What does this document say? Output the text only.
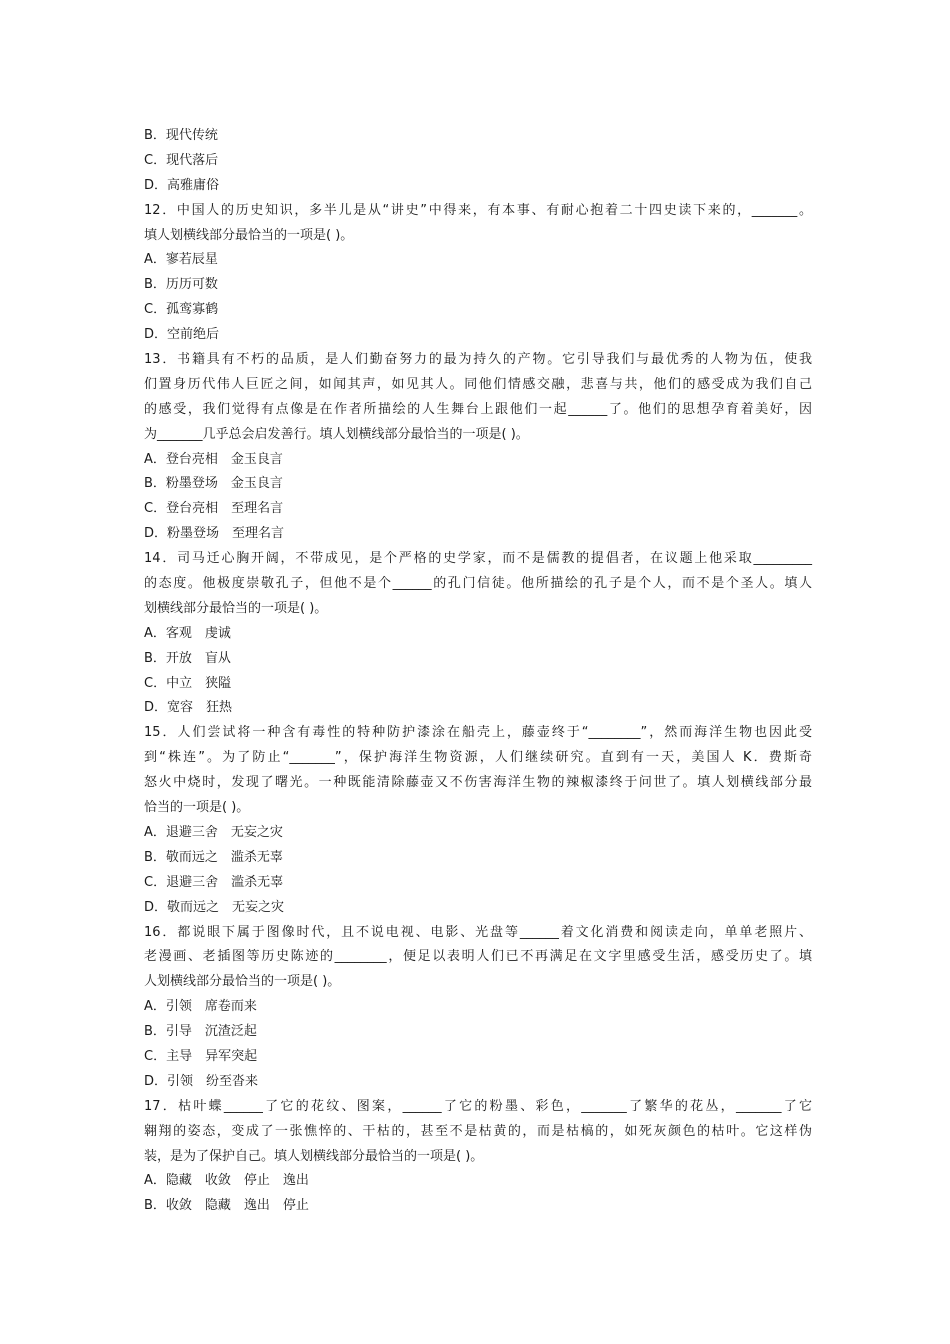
B．现代传统
C．现代落后
D．高雅庸俗
12．中国人的历史知识，多半儿是从“讲史”中得来，有本事、有耐心抱着二十四史读下来的，_______。
填人划横线部分最恰当的一项是( )。
A．寥若辰星
B．历历可数
C．孤鸾寡鹤
D．空前绝后
13．书籍具有不朽的品质，是人们勤奋努力的最为持久的产物。它引导我们与最优秀的人物为伍，使我
们置身历代伟人巨匠之间，如闻其声，如见其人。同他们情感交融，悲喜与共，他们的感受成为我们自己
的感受，我们觉得有点像是在作者所描绘的人生舞台上跟他们一起______了。他们的思想孕育着美好，因
为_______几乎总会启发善行。填人划横线部分最恰当的一项是( )。
A．登台亮相　金玉良言
B．粉墨登场　金玉良言
C．登台亮相　至理名言
D．粉墨登场　至理名言
14．司马迁心胸开阔，不带成见，是个严格的史学家，而不是儒教的提倡者，在议题上他采取_________
的态度。他极度崇敬孔子，但他不是个______的孔门信徒。他所描绘的孔子是个人，而不是个圣人。填人
划横线部分最恰当的一项是( )。
A．客观　虔诚
B．开放　盲从
C．中立　狭隘
D．宽容　狂热
15．人们尝试将一种含有毒性的特种防护漆涂在船壳上，藤壶终于“________”，然而海洋生物也因此受
到“株连”。为了防止“_______”，保护海洋生物资源，人们继续研究。直到有一天，美国人 K．费斯奇
怒火中烧时，发现了曙光。一种既能清除藤壶又不伤害海洋生物的辣椒漆终于问世了。填人划横线部分最
恰当的一项是( )。
A．退避三舍　无妄之灾
B．敬而远之　滥杀无辜
C．退避三舍　滥杀无辜
D．敬而远之　无妄之灾
16．都说眼下属于图像时代，且不说电视、电影、光盘等______着文化消费和阅读走向，单单老照片、
老漫画、老插图等历史陈迹的________，便足以表明人们已不再满足在文字里感受生活，感受历史了。填
人划横线部分最恰当的一项是( )。
A．引领　席卷而来
B．引导　沉渣泛起
C．主导　异军突起
D．引领　纷至沓来
17．枯叶蝶______了它的花纹、图案，______了它的粉墨、彩色，_______了繁华的花丛，_______了它
翱翔的姿态，变成了一张憔悴的、干枯的，甚至不是枯黄的，而是枯槁的，如死灰颜色的枯叶。它这样伪
装，是为了保护自己。填人划横线部分最恰当的一项是( )。
A．隐藏　收敛　停止　逸出
B．收敛　隐藏　逸出　停止
